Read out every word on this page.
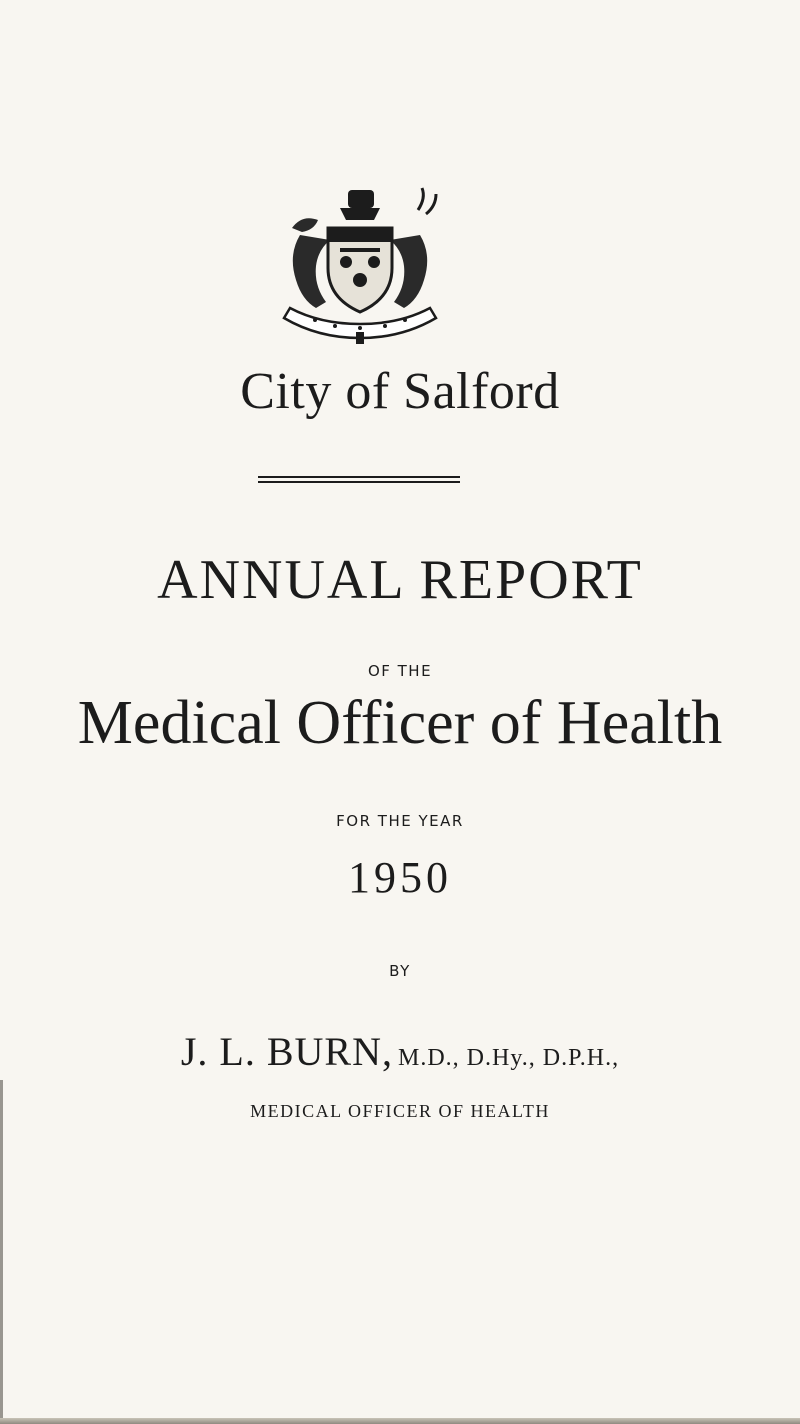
City of Salford
ANNUAL REPORT
OF THE
Medical Officer of Health
FOR THE YEAR
1950
BY
J. L. BURN, M.D., D.Hy., D.P.H.,
MEDICAL OFFICER OF HEALTH
